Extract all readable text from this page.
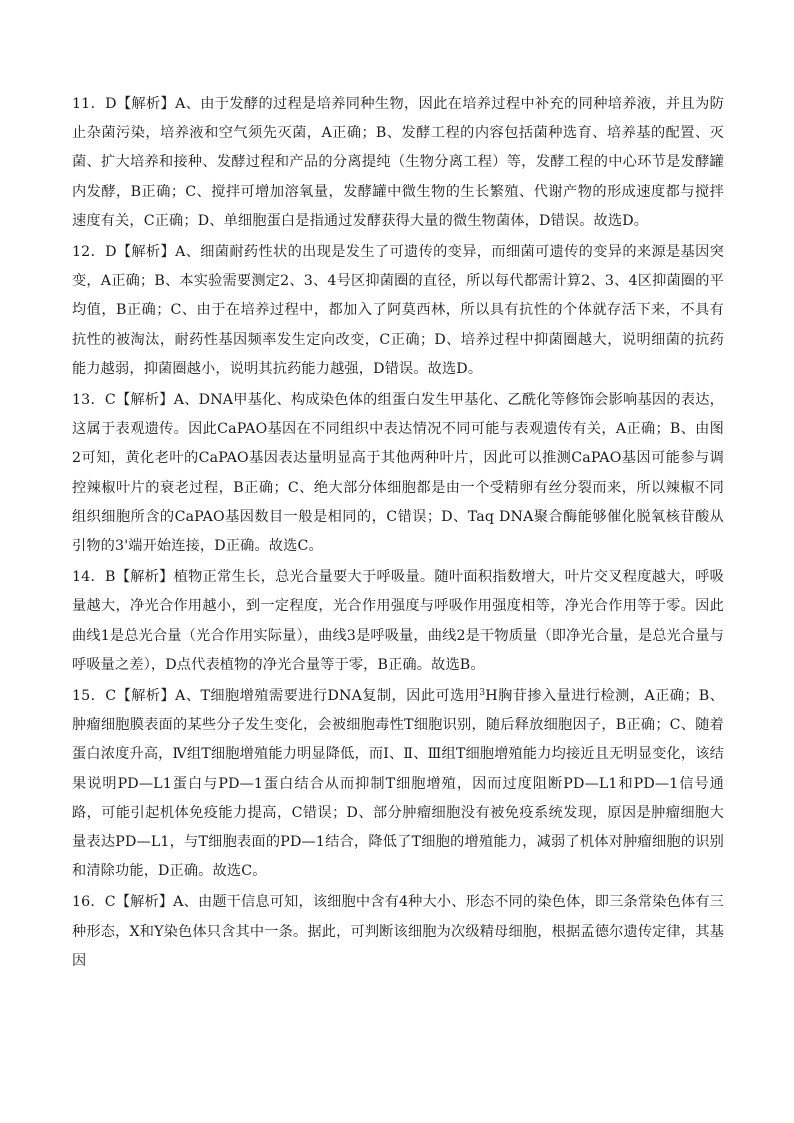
11．D【解析】A、由于发酵的过程是培养同种生物，因此在培养过程中补充的同种培养液，并且为防止杂菌污染，培养液和空气须先灭菌，A正确；B、发酵工程的内容包括菌种选育、培养基的配置、灭菌、扩大培养和接种、发酵过程和产品的分离提纯（生物分离工程）等，发酵工程的中心环节是发酵罐内发酵，B正确；C、搅拌可增加溶氧量，发酵罐中微生物的生长繁殖、代谢产物的形成速度都与搅拌速度有关，C正确；D、单细胞蛋白是指通过发酵获得大量的微生物菌体，D错误。故选D。

12．D【解析】A、细菌耐药性状的出现是发生了可遗传的变异，而细菌可遗传的变异的来源是基因突变，A正确；B、本实验需要测定2、3、4号区抑菌圈的直径，所以每代都需计算2、3、4区抑菌圈的平均值，B正确；C、由于在培养过程中，都加入了阿莫西林，所以具有抗性的个体就存活下来，不具有抗性的被淘汰，耐药性基因频率发生定向改变，C正确；D、培养过程中抑菌圈越大，说明细菌的抗药能力越弱，抑菌圈越小，说明其抗药能力越强，D错误。故选D。

13．C【解析】A、DNA甲基化、构成染色体的组蛋白发生甲基化、乙酰化等修饰会影响基因的表达，这属于表观遗传。因此CaPAO基因在不同组织中表达情况不同可能与表观遗传有关，A正确；B、由图2可知，黄化老叶的CaPAO基因表达量明显高于其他两种叶片，因此可以推测CaPAO基因可能参与调控辣椒叶片的衰老过程，B正确；C、绝大部分体细胞都是由一个受精卵有丝分裂而来，所以辣椒不同组织细胞所含的CaPAO基因数目一般是相同的，C错误；D、Taq DNA聚合酶能够催化脱氧核苷酸从引物的3'端开始连接，D正确。故选C。

14．B【解析】植物正常生长，总光合量要大于呼吸量。随叶面积指数增大，叶片交叉程度越大，呼吸量越大，净光合作用越小，到一定程度，光合作用强度与呼吸作用强度相等，净光合作用等于零。因此曲线1是总光合量（光合作用实际量），曲线3是呼吸量，曲线2是干物质量（即净光合量，是总光合量与呼吸量之差），D点代表植物的净光合量等于零，B正确。故选B。

15．C【解析】A、T细胞增殖需要进行DNA复制，因此可选用$^3$H胸苷掺入量进行检测，A正确；B、肿瘤细胞膜表面的某些分子发生变化，会被细胞毒性T细胞识别，随后释放细胞因子，B正确；C、随着蛋白浓度升高，Ⅳ组T细胞增殖能力明显降低，而Ⅰ、Ⅱ、Ⅲ组T细胞增殖能力均接近且无明显变化，该结果说明PD—L1蛋白与PD—1蛋白结合从而抑制T细胞增殖，因而过度阻断PD—L1和PD—1信号通路，可能引起机体免疫能力提高，C错误；D、部分肿瘤细胞没有被免疫系统发现，原因是肿瘤细胞大量表达PD—L1，与T细胞表面的PD—1结合，降低了T细胞的增殖能力，减弱了机体对肿瘤细胞的识别和清除功能，D正确。故选C。

16．C【解析】A、由题干信息可知，该细胞中含有4种大小、形态不同的染色体，即三条常染色体有三种形态，X和Y染色体只含其中一条。据此，可判断该细胞为次级精母细胞，根据孟德尔遗传定律，其基因
